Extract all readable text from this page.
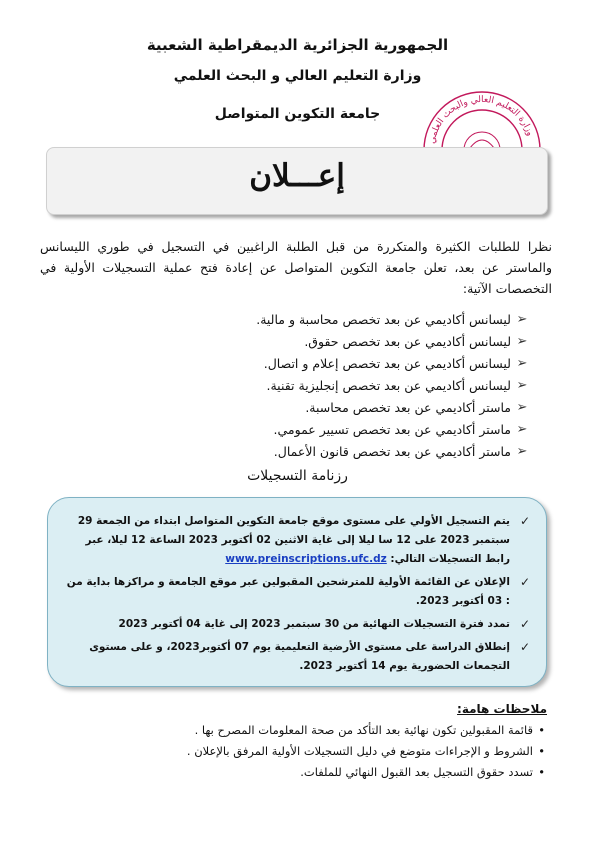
الجمهورية الجزائرية الديمقراطية الشعبية
وزارة التعليم العالي و البحث العلمي
جامعة التكوين المتواصل
وزارة التعليم العالي والبحث العلمي
إعـــلان
نظرا للطلبات الكثيرة والمتكررة من قبل الطلبة الراغبين في التسجيل في طوري الليسانس والماستر عن بعد، تعلن جامعة التكوين المتواصل عن إعادة فتح عملية التسجيلات الأولية في التخصصات الآتية:
➢
ليسانس أكاديمي عن بعد تخصص محاسبة و مالية.
➢
ليسانس أكاديمي عن بعد تخصص حقوق.
➢
ليسانس أكاديمي عن بعد تخصص إعلام و اتصال.
➢
ليسانس أكاديمي عن بعد تخصص إنجليزية تقنية.
➢
ماستر أكاديمي عن بعد تخصص محاسبة.
➢
ماستر أكاديمي عن بعد تخصص تسيير عمومي.
➢
ماستر أكاديمي عن بعد تخصص قانون الأعمال.
رزنامة التسجيلات
✓
يتم التسجيل الأولي على مستوى موقع جامعة التكوين المتواصل ابتداء من الجمعة 29 سبتمبر 2023 على 12 سا ليلا إلى غاية الاثنين 02 أكتوبر 2023 الساعة 12 ليلا، عبر رابط التسجيلات التالي: www.preinscriptions.ufc.dz
✓
الإعلان عن القائمة الأولية للمترشحين المقبولين عبر موقع الجامعة و مراكزها بداية من : 03 أكتوبر 2023.
✓
تمدد فترة التسجيلات النهائية من 30 سبتمبر 2023 إلى غاية 04 أكتوبر 2023
✓
إنطلاق الدراسة على مستوى الأرضية التعليمية يوم 07 أكتوبر2023، و على مستوى التجمعات الحضورية يوم 14 أكتوبر 2023.
ملاحظات هامة:
• قائمة المقبولين تكون نهائية بعد التأكد من صحة المعلومات المصرح بها .
• الشروط و الإجراءات متوضع في دليل التسجيلات الأولية المرفق بالإعلان .
• تسدد حقوق التسجيل بعد القبول النهائي للملفات.
